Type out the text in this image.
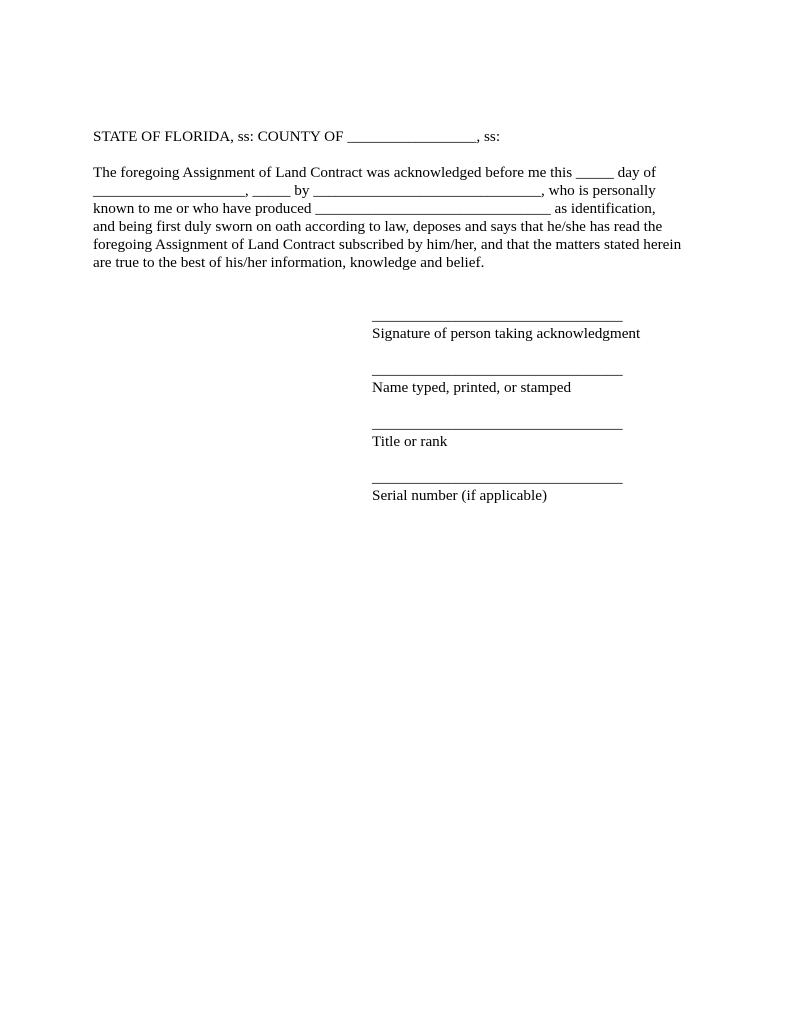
STATE OF FLORIDA, ss: COUNTY OF _________________, ss:
The foregoing Assignment of Land Contract was acknowledged before me this _____ day of
____________________, _____ by ______________________________, who is personally
known to me or who have produced _______________________________ as identification,
and being first duly sworn on oath according to law, deposes and says that he/she has read the
foregoing Assignment of Land Contract subscribed by him/her, and that the matters stated herein
are true to the best of his/her information, knowledge and belief.
_________________________________
Signature of person taking acknowledgment
_________________________________
Name typed, printed, or stamped
_________________________________
Title or rank
_________________________________
Serial number (if applicable)
